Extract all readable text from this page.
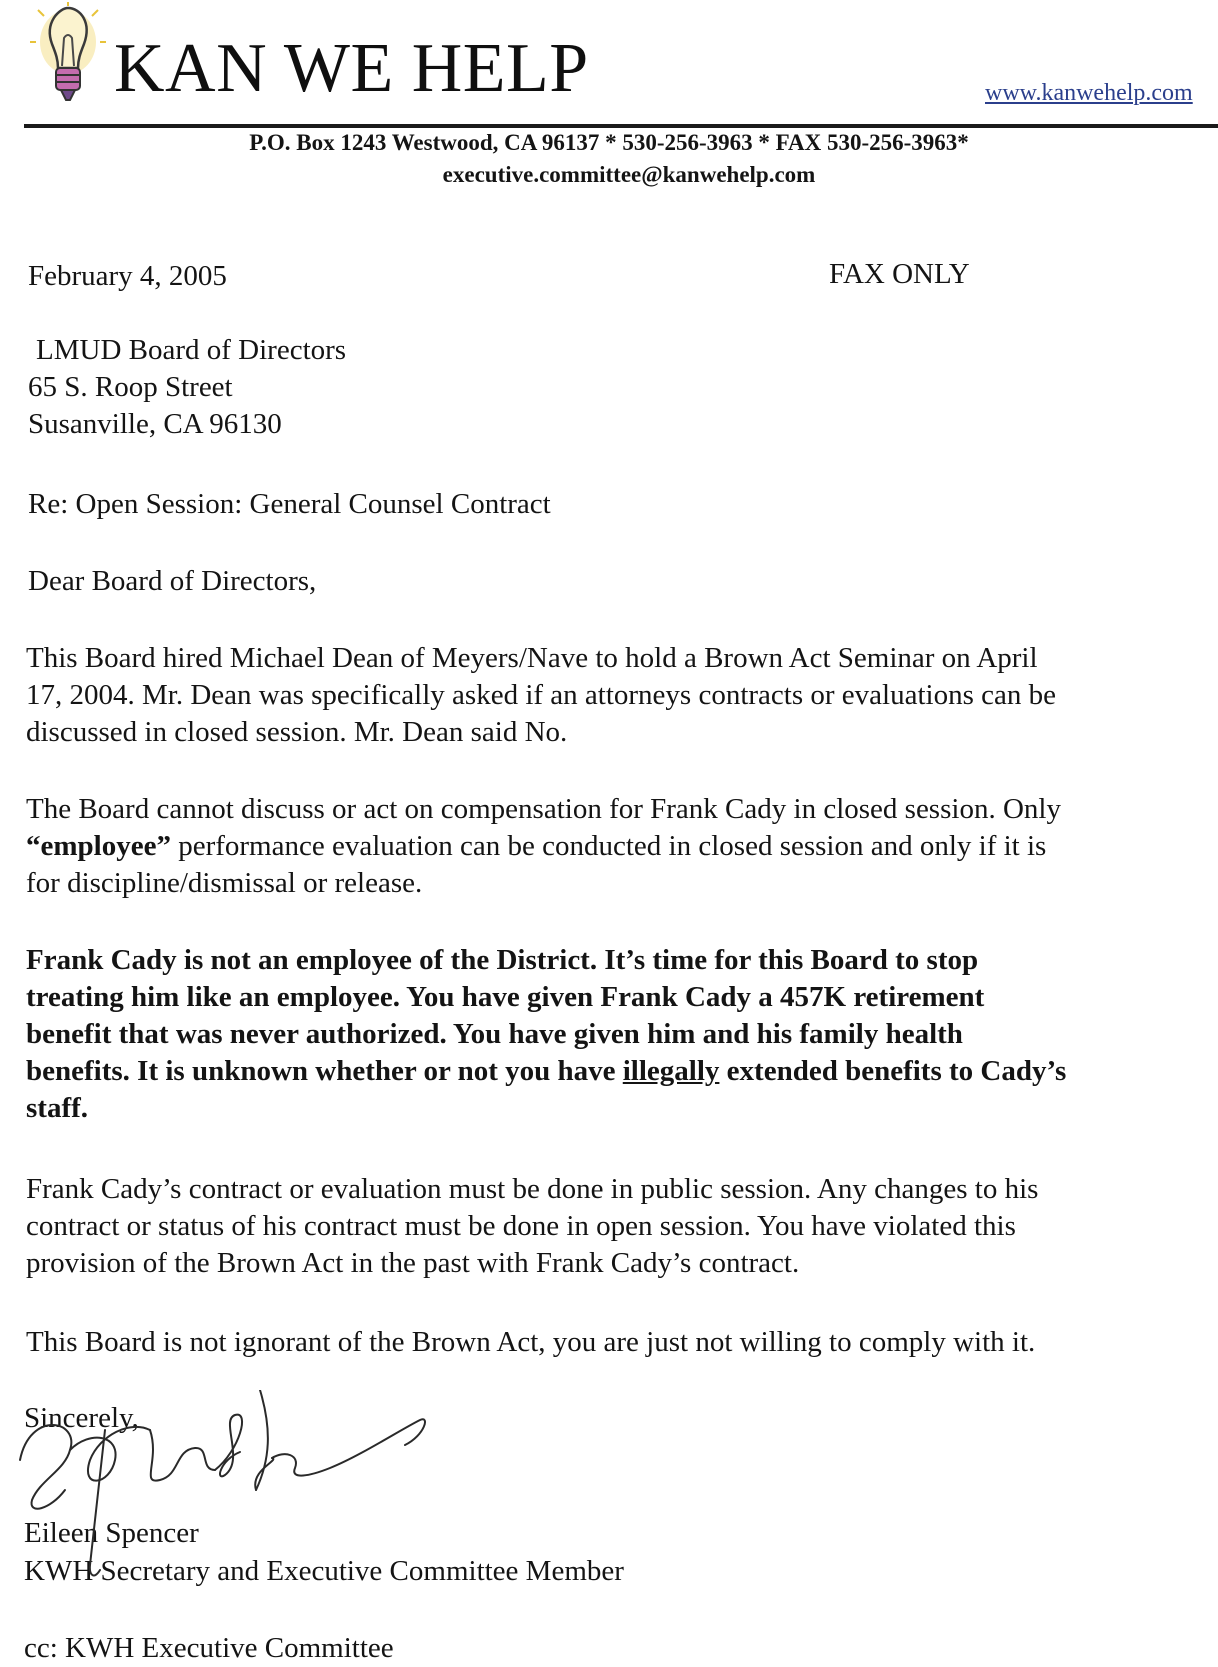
KAN WE HELP	www.kanwehelp.com
P.O. Box 1243 Westwood, CA 96137 * 530-256-3963 * FAX 530-256-3963*
executive.committee@kanwehelp.com
February 4, 2005	FAX ONLY
LMUD Board of Directors
65 S. Roop Street
Susanville, CA 96130
Re: Open Session: General Counsel Contract
Dear Board of Directors,
This Board hired Michael Dean of Meyers/Nave to hold a Brown Act Seminar on April
17, 2004. Mr. Dean was specifically asked if an attorneys contracts or evaluations can be
discussed in closed session. Mr. Dean said No.
The Board cannot discuss or act on compensation for Frank Cady in closed session. Only
“employee” performance evaluation can be conducted in closed session and only if it is
for discipline/dismissal or release.
Frank Cady is not an employee of the District. It’s time for this Board to stop
treating him like an employee. You have given Frank Cady a 457K retirement
benefit that was never authorized. You have given him and his family health
benefits. It is unknown whether or not you have illegally extended benefits to Cady’s
staff.
Frank Cady’s contract or evaluation must be done in public session. Any changes to his
contract or status of his contract must be done in open session. You have violated this
provision of the Brown Act in the past with Frank Cady’s contract.
This Board is not ignorant of the Brown Act, you are just not willing to comply with it.
Sincerely,
Eileen Spencer
KWH Secretary and Executive Committee Member
cc: KWH Executive Committee
